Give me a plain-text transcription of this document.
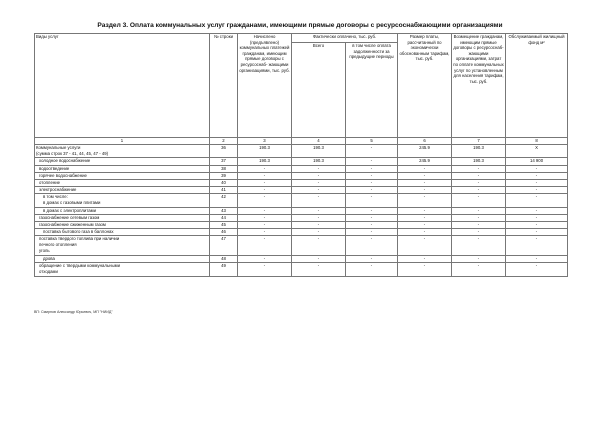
Раздел 3. Оплата коммунальных услуг гражданами, имеющими прямые договоры с ресурсоснабжающими организациями
Виды услуг	№ строки	Начислено (предъявлено) коммунальных платежей гражданам, имеющим прямые договоры с ресурсоснаб- жающими организациями, тыс. руб.	Фактически оплачено, тыс. руб.		Размер платы, рассчитанный по экономически обоснованным тарифам, тыс. руб.	Возмещение гражданам, имеющим прямые договоры с ресурсоснаб- жающими организациями, затрат по оплате коммунальных услуг по установленным для населения тарифам, тыс. руб.	Обслуживаемый жилищный фонд м²
			Всего	в том числе оплата задолженности за предыдущие периоды			
1	2	3	4	5	6	7	8

Коммунальные услуги
(сумма строк 37 - 41, 44, 45, 47 - 49)	36	190.3	190.3	-	245.9	190.3	X

холодное водоснабжение	37	190.3	190.3	-	245.9	190.3	14 900

водоотведение	38	-	-	-	-	-	-

горячее водоснабжение	39	-	-	-	-	-	-

отопление	40	-	-	-	-	-	-

электроснабжение	41	-	-	-	-	-	-

в том числе:
в домах с газовыми плитами	42	-	-	-	-	-	-

в домах с электроплитами	43	-	-	-	-	-	-

газоснабжение сетевым газом	44	-	-	-	-	-	-

газоснабжение сжиженным газом	45	-	-	-	-	-	-

поставка бытового газа в баллонах	46	-	-	-	-	-	-

поставка твердого топлива при наличии
печного отопления
уголь	47	-	-	-	-	-	-

дрова	48	-	-	-	-	-	-

обращение с твердыми коммунальными
отходами	49	-	-	-	-	-	-
ВП: Смирнов Александр Юрьевич, МП "НИИД"
